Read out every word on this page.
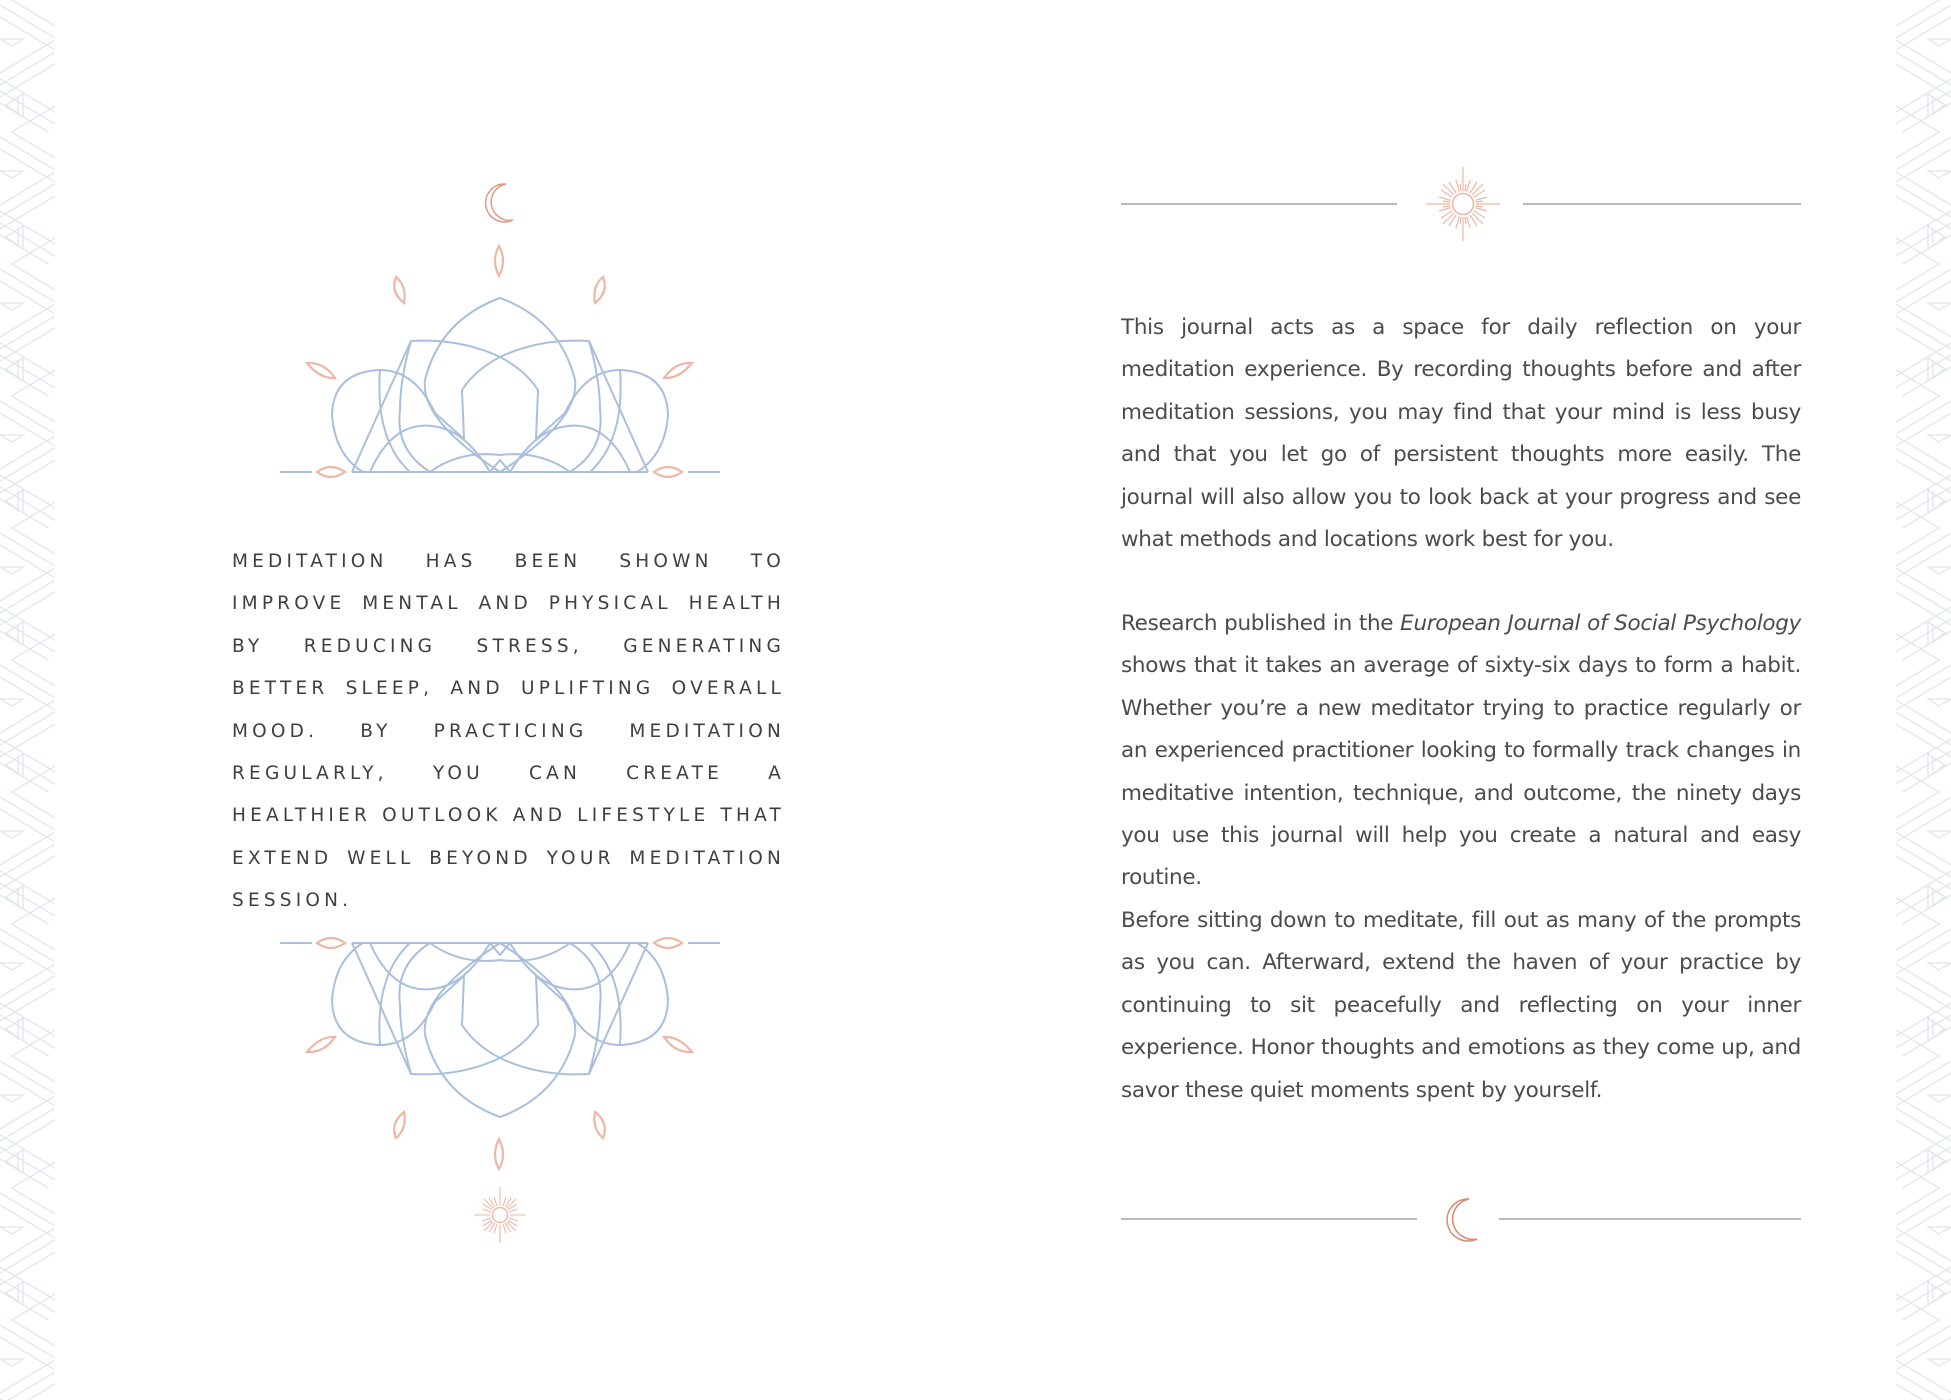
MEDITATION HAS BEEN SHOWN TO IMPROVE MENTAL AND PHYSICAL HEALTH BY REDUCING STRESS, GENERATING BETTER SLEEP, AND UPLIFTING OVERALL MOOD. BY PRACTICING MEDITATION REGULARLY, YOU CAN CREATE A HEALTHIER OUTLOOK AND LIFESTYLE THAT EXTEND WELL BEYOND YOUR MEDITATION SESSION.

This journal acts as a space for daily reflection on your meditation experience. By recording thoughts before and after meditation sessions, you may find that your mind is less busy and that you let go of persistent thoughts more easily. The journal will also allow you to look back at your progress and see what methods and locations work best for you.

Research published in the European Journal of Social Psychology shows that it takes an average of sixty-six days to form a habit. Whether you’re a new meditator trying to practice regularly or an experienced practitioner looking to formally track changes in meditative intention, technique, and outcome, the ninety days you use this journal will help you create a natural and easy routine.

Before sitting down to meditate, fill out as many of the prompts as you can. Afterward, extend the haven of your practice by continuing to sit peacefully and reflecting on your inner experience. Honor thoughts and emotions as they come up, and savor these quiet moments spent by yourself.
